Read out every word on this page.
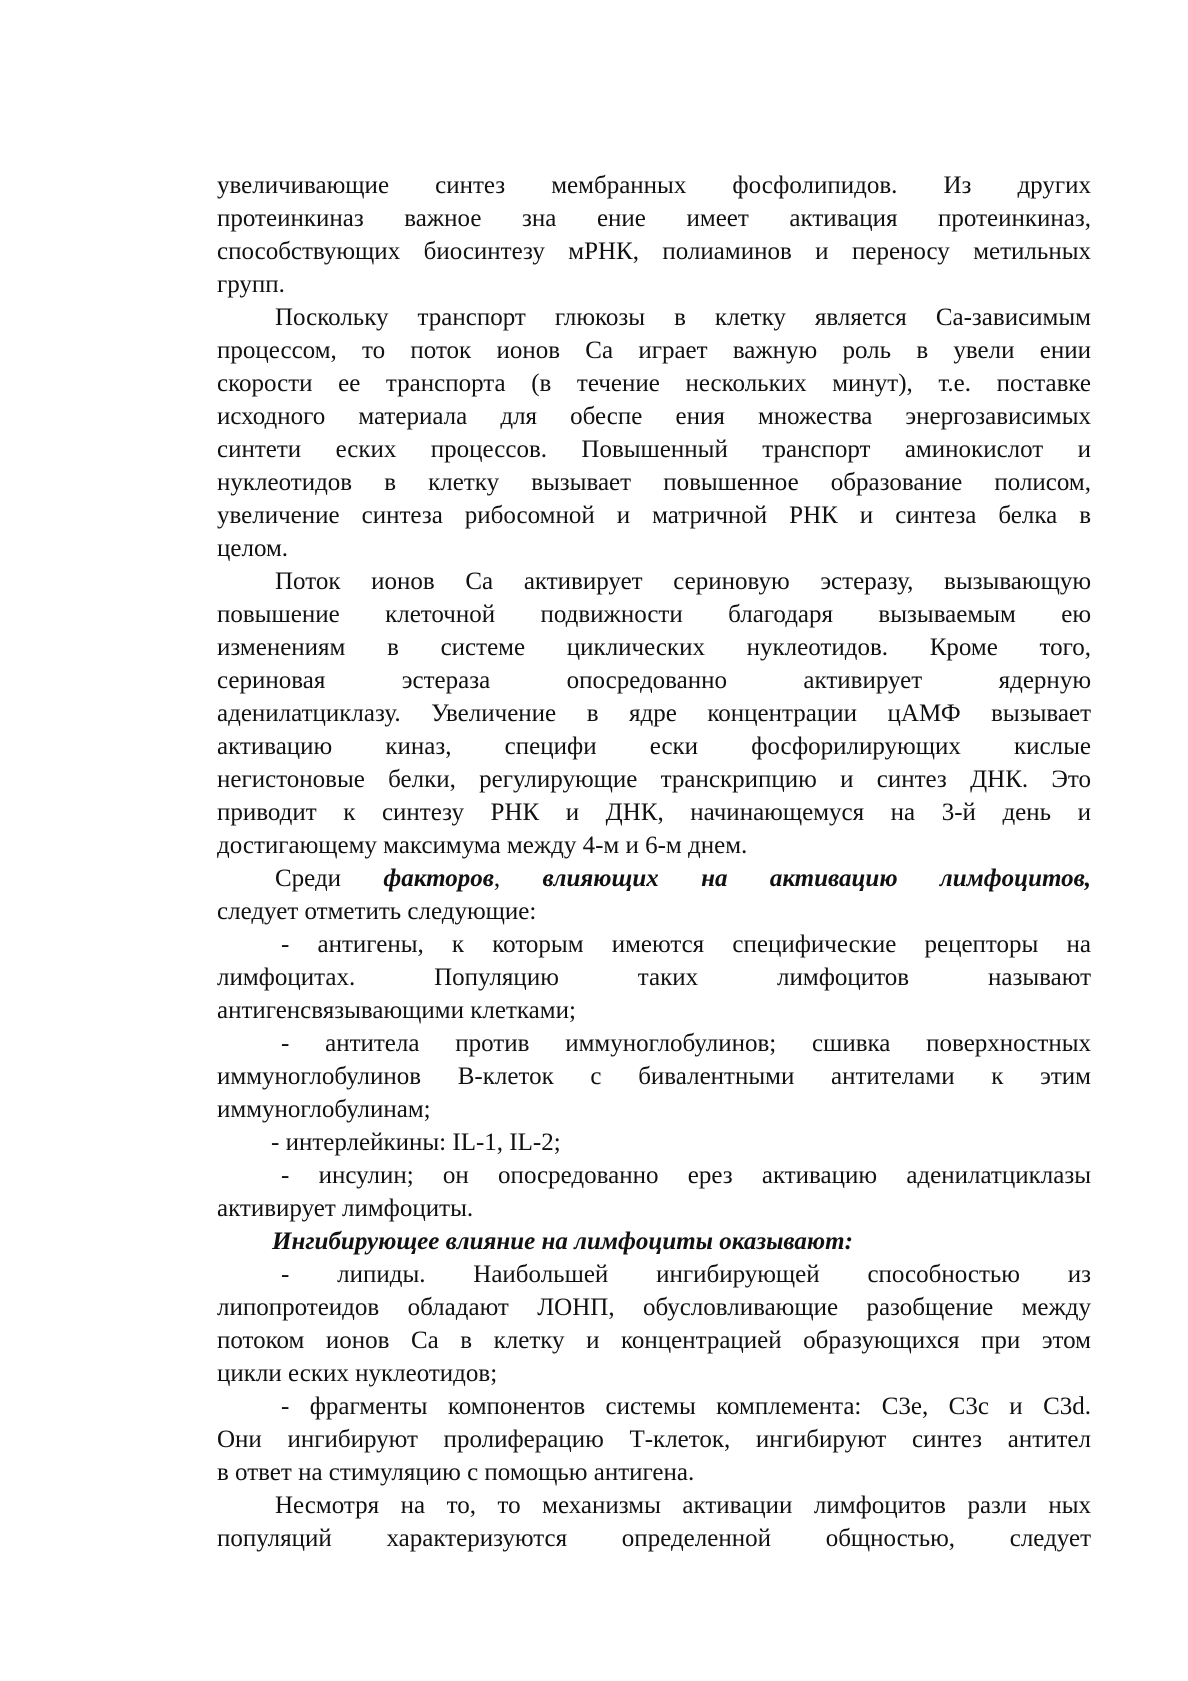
увеличивающие синтез мембранных фосфолипидов. Из других
протеинкиназ важное зна ение имеет активация протеинкиназ,
способствующих биосинтезу мРНК, полиаминов и переносу метильных
групп.
Поскольку транспорт глюкозы в клетку является Са-зависимым
процессом, то поток ионов Са играет важную роль в увели ении
скорости ее транспорта (в течение нескольких минут), т.е. поставке
исходного материала для обеспе ения множества энергозависимых
синтети еских процессов. Повышенный транспорт аминокислот и
нуклеотидов в клетку вызывает повышенное образование полисом,
увеличение синтеза рибосомной и матричной РНК и синтеза белка в
целом.
Поток ионов Са активирует сериновую эстеразу, вызывающую
повышение клеточной подвижности благодаря вызываемым ею
изменениям в системе циклических нуклеотидов. Кроме того,
сериновая эстераза опосредованно активирует ядерную
аденилатциклазу. Увеличение в ядре концентрации цАМФ вызывает
активацию киназ, специфи ески фосфорилирующих кислые
негистоновые белки, регулирующие транскрипцию и синтез ДНК. Это
приводит к синтезу РНК и ДНК, начинающемуся на 3-й день и
достигающему максимума между 4-м и 6-м днем.
Среди факторов, влияющих на активацию лимфоцитов,
следует отметить следующие:
- антигены, к которым имеются специфические рецепторы на
лимфоцитах. Популяцию таких лимфоцитов называют
антигенсвязывающими клетками;
- антитела против иммуноглобулинов; сшивка поверхностных
иммуноглобулинов В-клеток с бивалентными антителами к этим
иммуноглобулинам;
- интерлейкины: IL-1, IL-2;
- инсулин; он опосредованно ерез активацию аденилатциклазы
активирует лимфоциты.
Ингибирующее влияние на лимфоциты оказывают:
- липиды. Наибольшей ингибирующей способностью из
липопротеидов обладают ЛОНП, обусловливающие разобщение между
потоком ионов Са в клетку и концентрацией образующихся при этом
цикли еских нуклеотидов;
- фрагменты компонентов системы комплемента: С3е, С3с и С3d.
Они ингибируют пролиферацию Т-клеток, ингибируют синтез антител
в ответ на стимуляцию с помощью антигена.
Несмотря на то, то механизмы активации лимфоцитов разли ных
популяций характеризуются определенной общностью, следует
